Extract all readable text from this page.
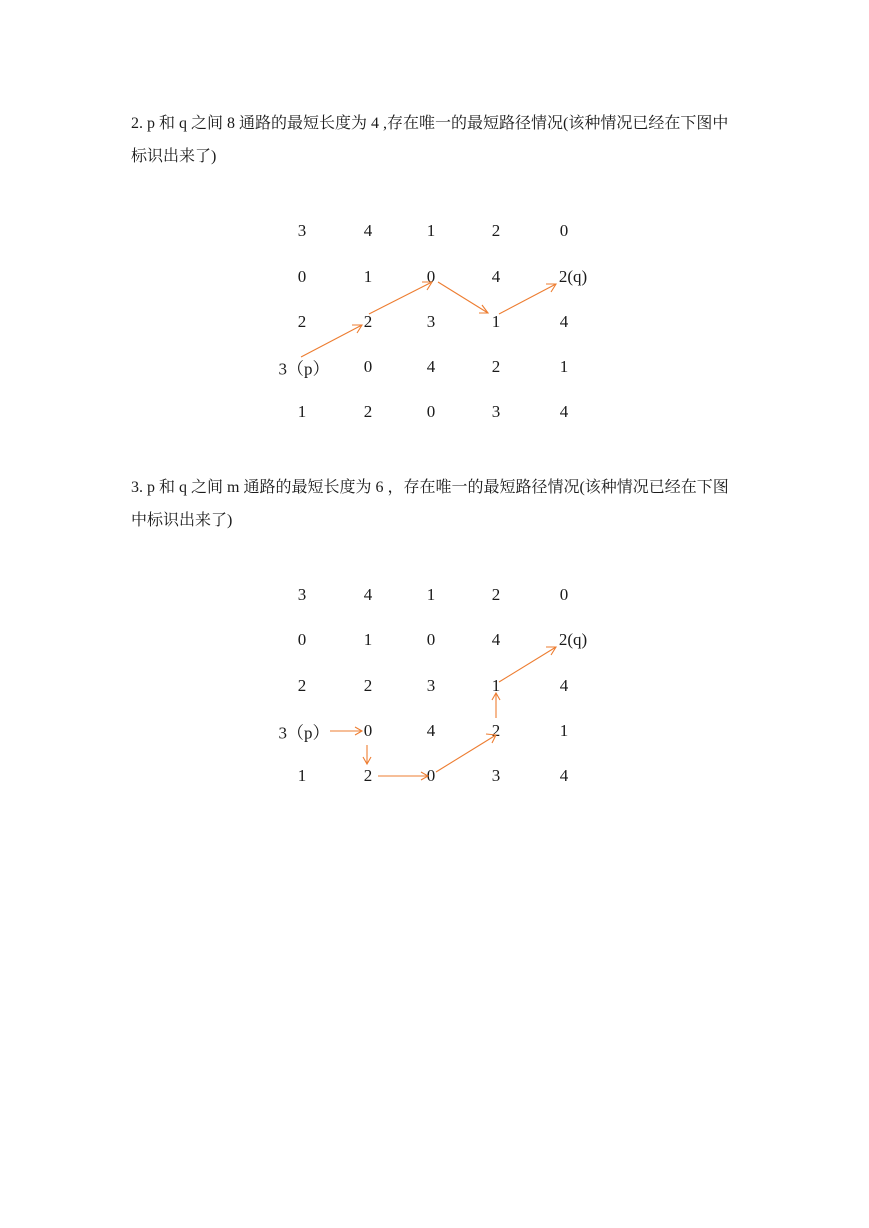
2. p 和 q 之间 8 通路的最短长度为 4 ,存在唯一的最短路径情况(该种情况已经在下图中标识出来了)
3	4	1	2	0
0	1	0	4	2(q)
2	2	3	1	4
3（p） 0	4	2	1
1	2	0	3	4
3. p 和 q 之间 m 通路的最短长度为 6 ，存在唯一的最短路径情况(该种情况已经在下图中标识出来了)
3	4	1	2	0
0	1	0	4	2(q)
2	2	3	1	4
3（p） 0	4	2	1
1	2	0	3	4
